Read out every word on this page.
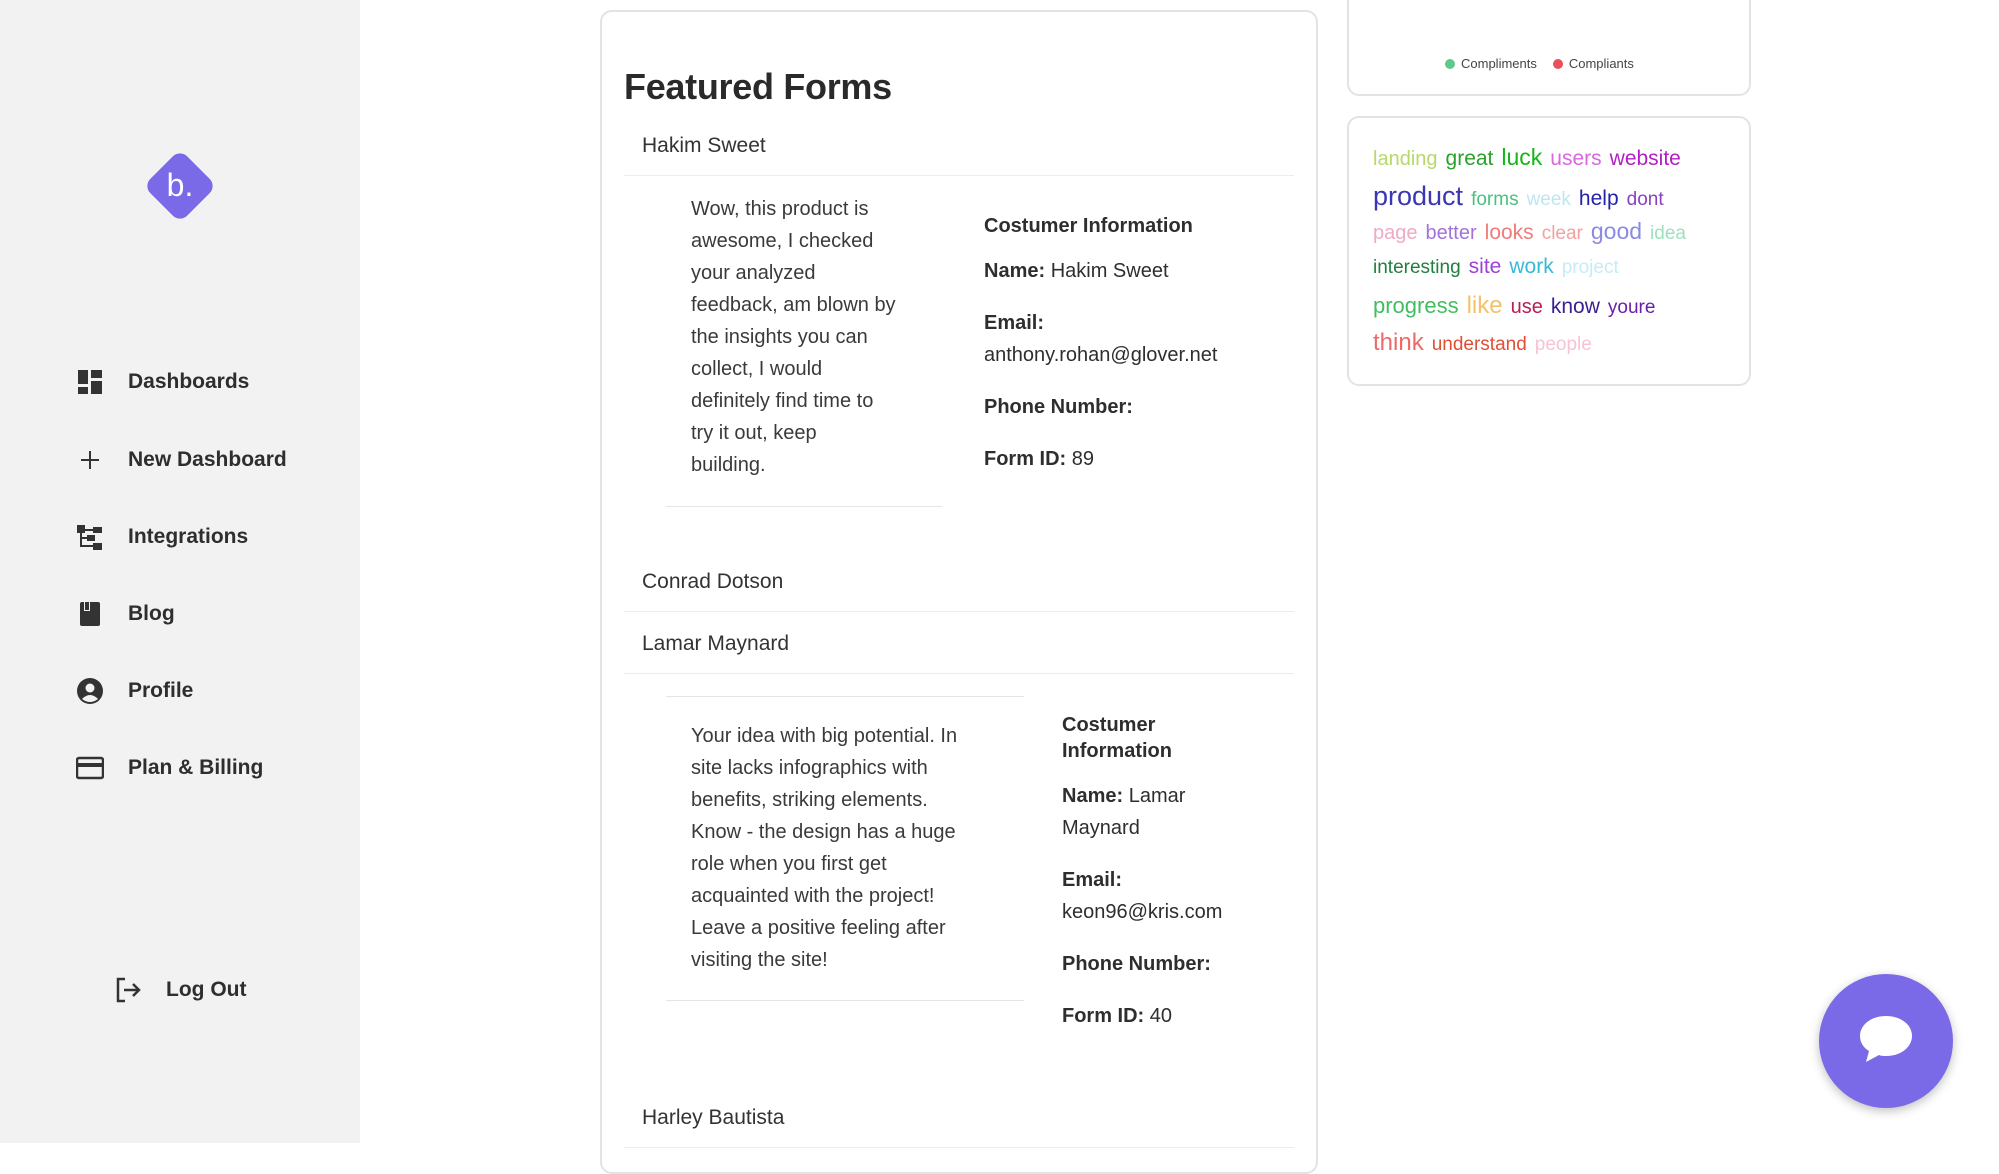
b.
Dashboards
New Dashboard
Integrations
Blog
Profile
Plan & Billing
Log Out
Featured Forms
Hakim Sweet
Wow, this product is
awesome, I checked
your analyzed
feedback, am blown by
the insights you can
collect, I would
definitely find time to
try it out, keep
building.
Costumer Information
Name: Hakim Sweet
Email:
anthony.rohan@glover.net
Phone Number:
Form ID: 89
Conrad Dotson
Lamar Maynard
Your idea with big potential. In
site lacks infographics with
benefits, striking elements.
Know - the design has a huge
role when you first get
acquainted with the project!
Leave a positive feeling after
visiting the site!
Costumer
Information
Name: Lamar
Maynard
Email:
keon96@kris.com
Phone Number:
Form ID: 40
Harley Bautista
Compliments Compliants
landing great luck users website
product forms week help dont
page better looks clear good idea
interesting site work project
progress like use know youre
think understand people
